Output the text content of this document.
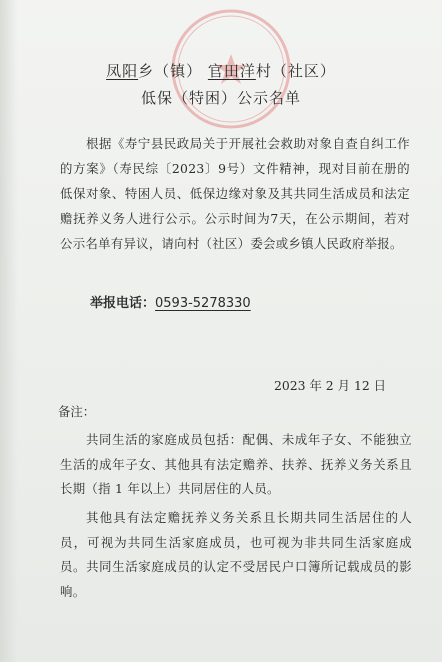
凤阳乡（镇） 官田洋村（社区）
低保（特困）公示名单
根据《寿宁县民政局关于开展社会救助对象自查自纠工作的方案》（寿民综〔2023〕9号）文件精神，现对目前在册的低保对象、特困人员、低保边缘对象及其共同生活成员和法定赡抚养义务人进行公示。公示时间为7天，在公示期间，若对公示名单有异议，请向村（社区）委会或乡镇人民政府举报。
举报电话：0593-5278330
2023 年 2 月 12 日
备注：
共同生活的家庭成员包括：配偶、未成年子女、不能独立生活的成年子女、其他具有法定赡养、扶养、抚养义务关系且长期（指 1 年以上）共同居住的人员。
其他具有法定赡抚养义务关系且长期共同生活居住的人员，可视为共同生活家庭成员，也可视为非共同生活家庭成员。共同生活家庭成员的认定不受居民户口簿所记载成员的影响。
